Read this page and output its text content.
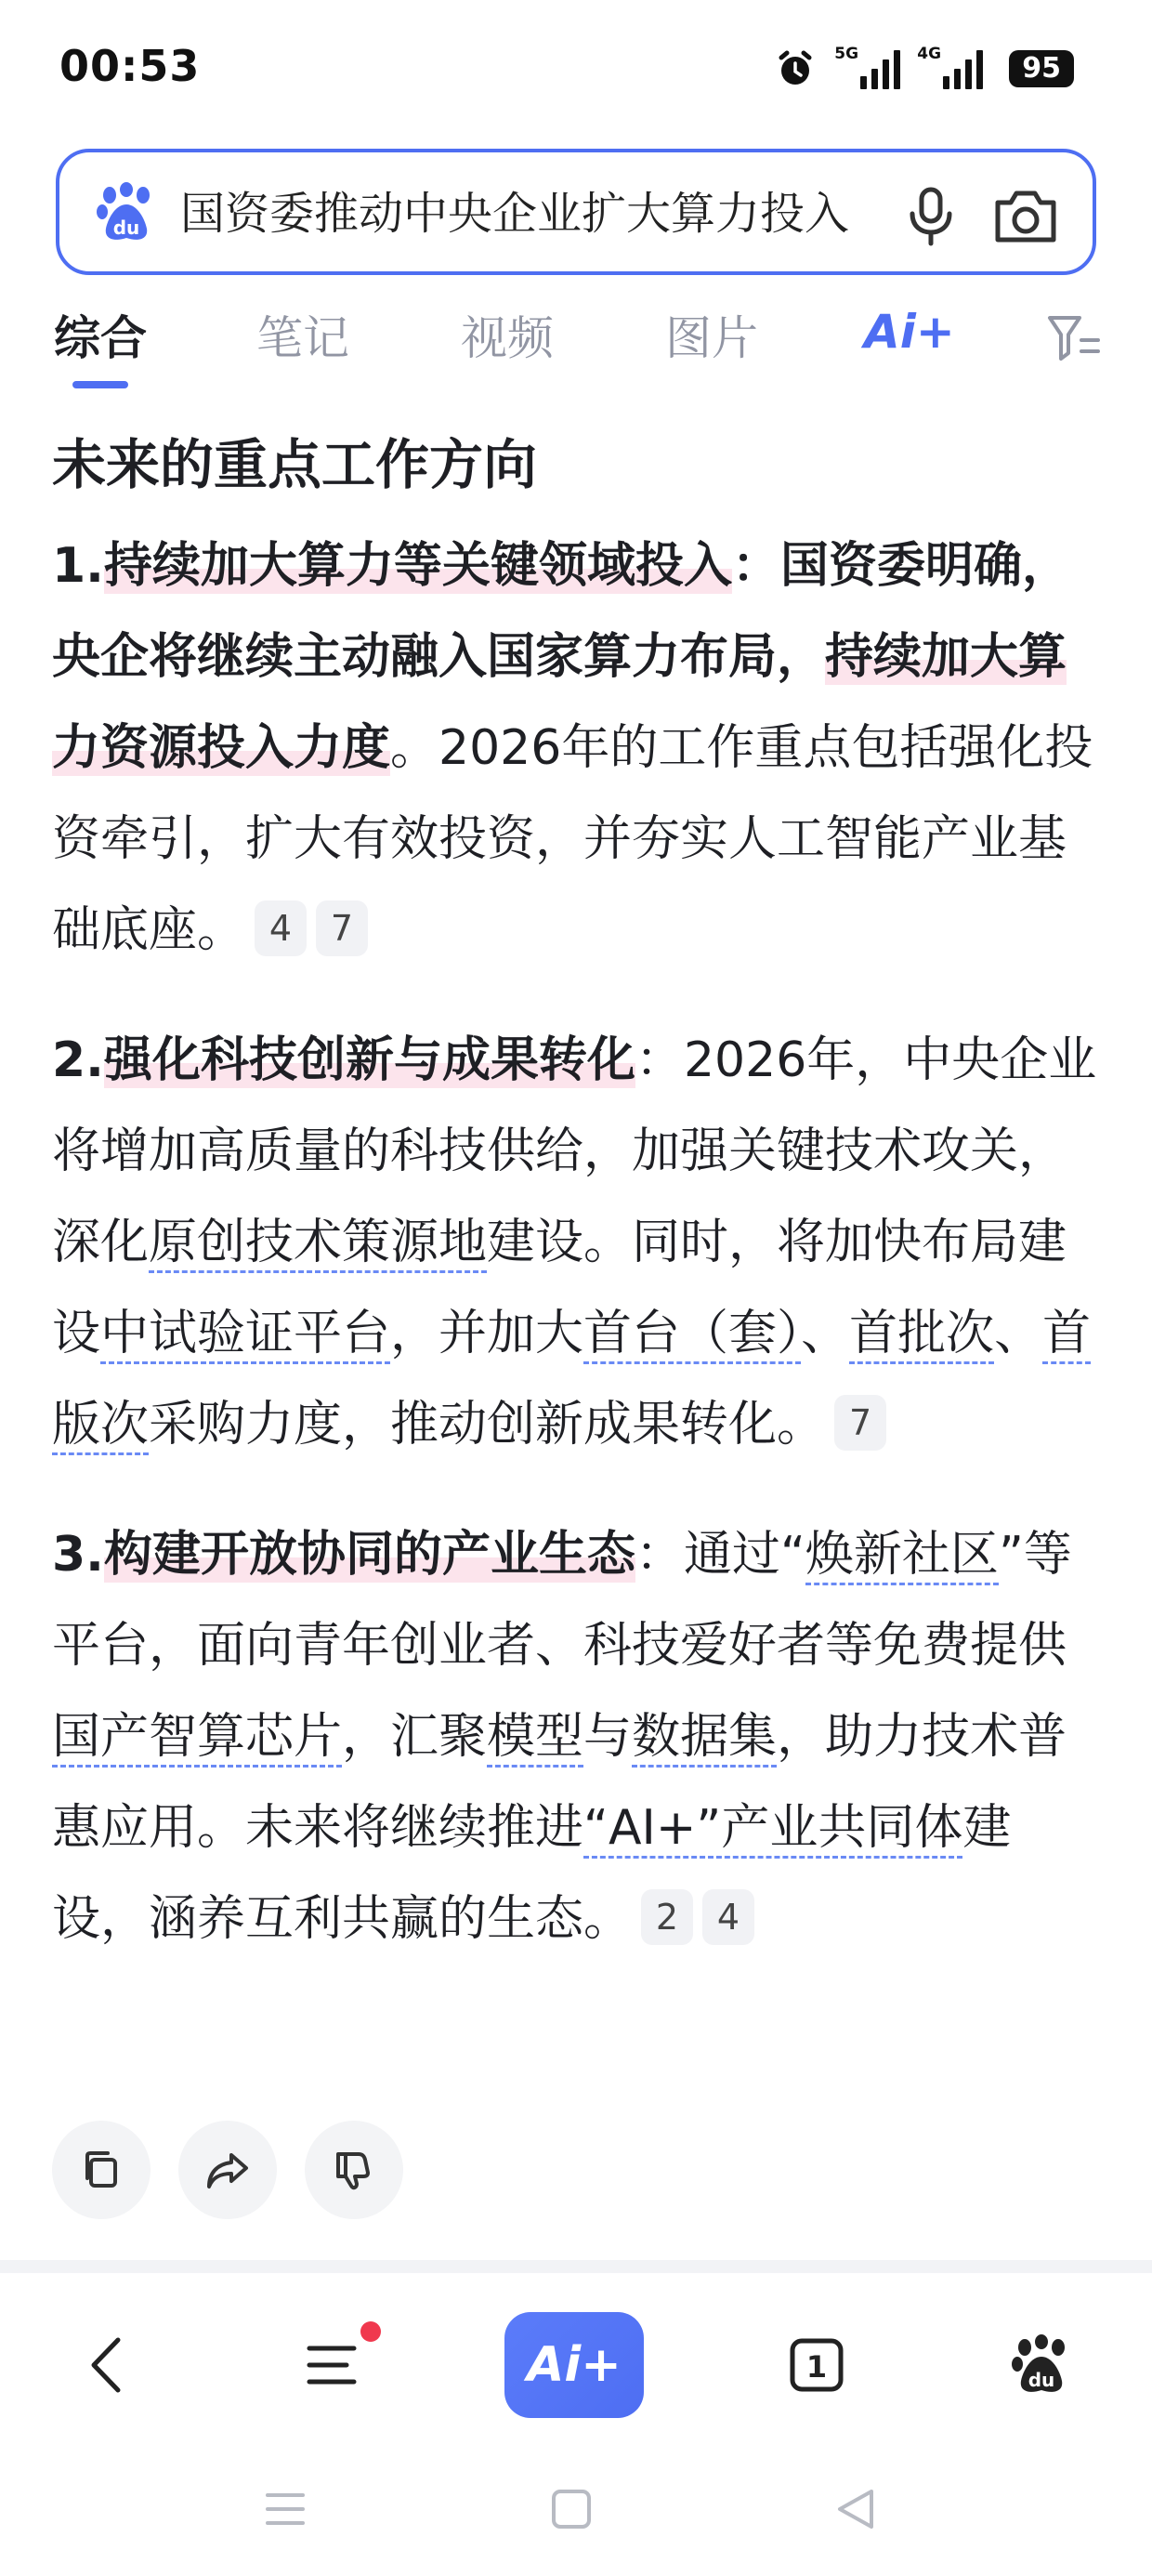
00:53	5G	4G	95
du 国资委推动中央企业扩大算力投入
综合 笔记 视频 图片 Ai+
未来的重点工作方向
1.持续加大算力等关键领域投入：国资委明确，央企将继续主动融入国家算力布局，持续加大算力资源投入力度。2026年的工作重点包括强化投资牵引，扩大有效投资，并夯实人工智能产业基础底座。 4 7
2.强化科技创新与成果转化：2026年，中央企业将增加高质量的科技供给，加强关键技术攻关，深化原创技术策源地建设。同时，将加快布局建设中试验证平台，并加大首台（套）、首批次、首版次采购力度，推动创新成果转化。 7
3.构建开放协同的产业生态：通过“焕新社区”等平台，面向青年创业者、科技爱好者等免费提供国产智算芯片，汇聚模型与数据集，助力技术普惠应用。未来将继续推进“AI+”产业共同体建设，涵养互利共赢的生态。 2 4
Ai+	1	du
